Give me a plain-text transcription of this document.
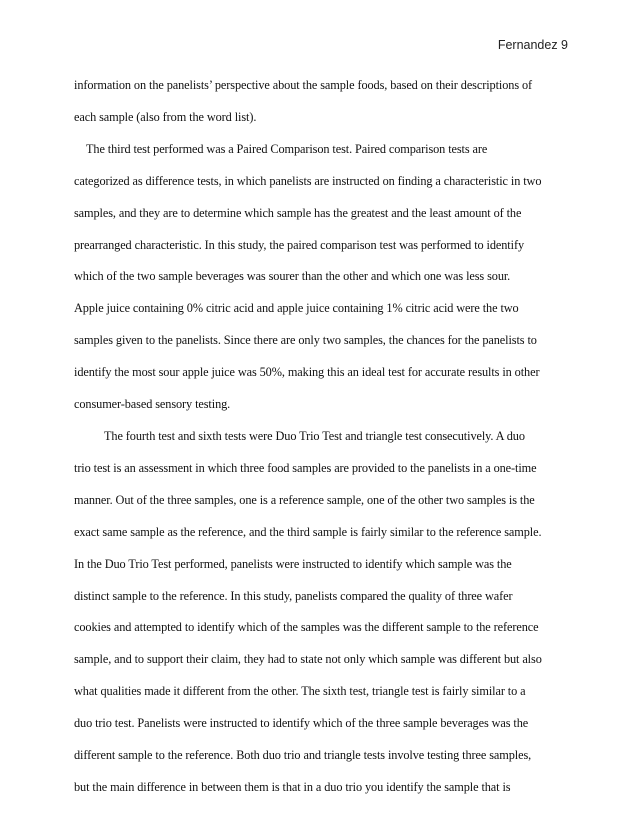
Fernandez 9

information on the panelists’ perspective about the sample foods, based on their descriptions of
each sample (also from the word list).

The third test performed was a Paired Comparison test. Paired comparison tests are
categorized as difference tests, in which panelists are instructed on finding a characteristic in two
samples, and they are to determine which sample has the greatest and the least amount of the
prearranged characteristic. In this study, the paired comparison test was performed to identify
which of the two sample beverages was sourer than the other and which one was less sour.
Apple juice containing 0% citric acid and apple juice containing 1% citric acid were the two
samples given to the panelists. Since there are only two samples, the chances for the panelists to
identify the most sour apple juice was 50%, making this an ideal test for accurate results in other
consumer-based sensory testing.

The fourth test and sixth tests were Duo Trio Test and triangle test consecutively. A duo
trio test is an assessment in which three food samples are provided to the panelists in a one-time
manner. Out of the three samples, one is a reference sample, one of the other two samples is the
exact same sample as the reference, and the third sample is fairly similar to the reference sample.
In the Duo Trio Test performed, panelists were instructed to identify which sample was the
distinct sample to the reference. In this study, panelists compared the quality of three wafer
cookies and attempted to identify which of the samples was the different sample to the reference
sample, and to support their claim, they had to state not only which sample was different but also
what qualities made it different from the other. The sixth test, triangle test is fairly similar to a
duo trio test. Panelists were instructed to identify which of the three sample beverages was the
different sample to the reference. Both duo trio and triangle tests involve testing three samples,
but the main difference in between them is that in a duo trio you identify the sample that is
